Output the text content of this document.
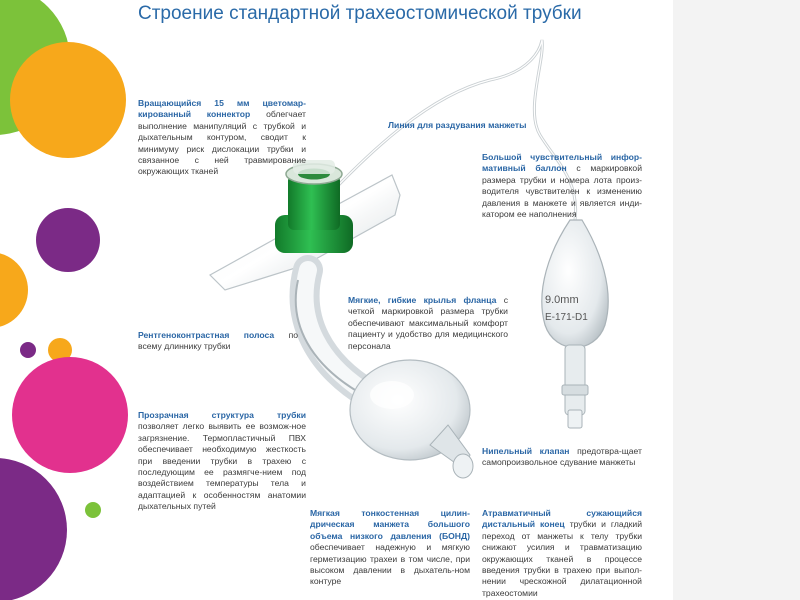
Строение стандартной трахеостомической трубки
9.0mm
E-171-D1
Вращающийся 15 мм цветомар-кированный коннектор облегчает выполнение манипуляций с трубкой и дыхательным контуром, сводит к минимуму риск дислокации трубки и связанное с ней травмирование окружающих тканей
Линия для раздувания манжеты
Большой чувствительный инфор-мативный баллон с маркировкой размера трубки и номера лота произ-водителя чувствителен к изменению давления в манжете и является инди-катором ее наполнения
Мягкие, гибкие крылья фланца с четкой маркировкой размера трубки обеспечивают максимальный комфорт пациенту и удобство для медицинского персонала
Рентгеноконтрастная полоса по всему длиннику трубки
Прозрачная структура трубки позволяет легко выявить ее возмож-ное загрязнение. Термопластичный ПВХ обеспечивает необходимую жесткость при введении трубки в трахею с последующим ее размягче-нием под воздействием температуры тела и адаптацией к особенностям анатомии дыхательных путей
Нипельный клапан предотвра-щает самопроизвольное сдувание манжеты
Мягкая тонкостенная цилин-дрическая манжета большого объема низкого давления (БОНД) обеспечивает надежную и мягкую герметизацию трахеи в том числе, при высоком давлении в дыхатель-ном контуре
Атравматичный сужающийся дистальный конец трубки и гладкий переход от манжеты к телу трубки снижают усилия и травматизацию окружающих тканей в процессе введения трубки в трахею при выпол-нении чрескожной дилатационной трахеостомии
